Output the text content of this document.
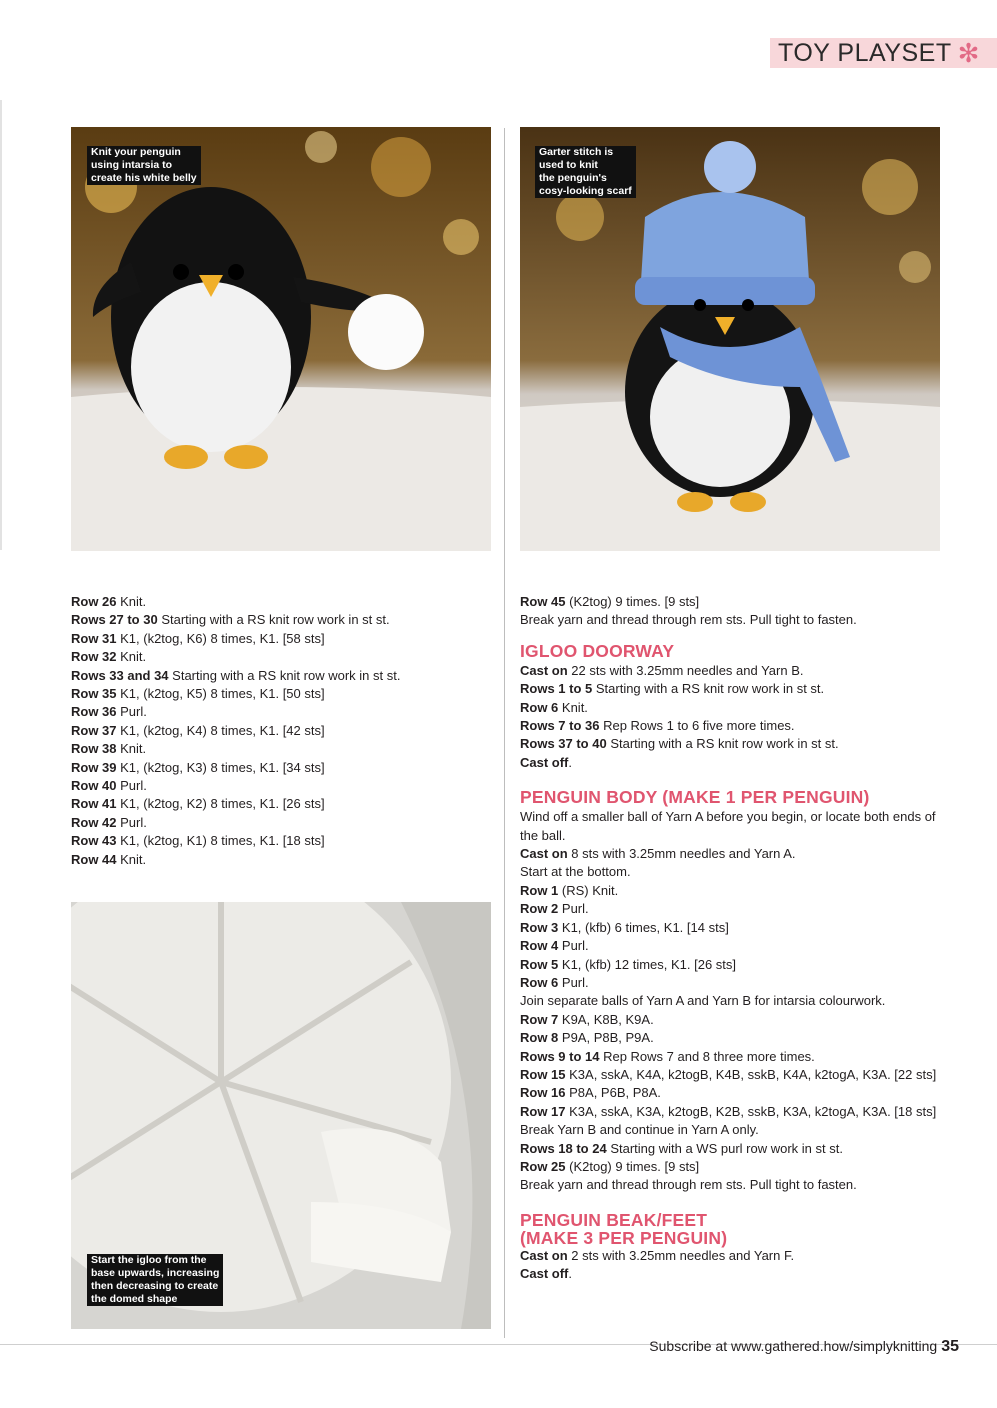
TOY PLAYSET ✻
Knit your penguin
using intarsia to
create his white belly
Garter stitch is
used to knit
the penguin's
cosy-looking scarf
Start the igloo from the
base upwards, increasing
then decreasing to create
the domed shape

Row 26 Knit.

Rows 27 to 30 Starting with a RS knit row work in st st.

Row 31 K1, (k2tog, K6) 8 times, K1. [58 sts]

Row 32 Knit.

Rows 33 and 34 Starting with a RS knit row work in st st.

Row 35 K1, (k2tog, K5) 8 times, K1. [50 sts]

Row 36 Purl.

Row 37 K1, (k2tog, K4) 8 times, K1. [42 sts]

Row 38 Knit.

Row 39 K1, (k2tog, K3) 8 times, K1. [34 sts]

Row 40 Purl.

Row 41 K1, (k2tog, K2) 8 times, K1. [26 sts]

Row 42 Purl.

Row 43 K1, (k2tog, K1) 8 times, K1. [18 sts]

Row 44 Knit.

Row 45 (K2tog) 9 times. [9 sts]

Break yarn and thread through rem sts. Pull tight to fasten.

IGLOO DOORWAY

Cast on 22 sts with 3.25mm needles and Yarn B.

Rows 1 to 5 Starting with a RS knit row work in st st.

Row 6 Knit.

Rows 7 to 36 Rep Rows 1 to 6 five more times.

Rows 37 to 40 Starting with a RS knit row work in st st.

Cast off.

PENGUIN BODY (MAKE 1 PER PENGUIN)

Wind off a smaller ball of Yarn A before you begin, or locate both ends of the ball.

Cast on 8 sts with 3.25mm needles and Yarn A.

Start at the bottom.

Row 1 (RS) Knit.

Row 2 Purl.

Row 3 K1, (kfb) 6 times, K1. [14 sts]

Row 4 Purl.

Row 5 K1, (kfb) 12 times, K1. [26 sts]

Row 6 Purl.

Join separate balls of Yarn A and Yarn B for intarsia colourwork.

Row 7 K9A, K8B, K9A.

Row 8 P9A, P8B, P9A.

Rows 9 to 14 Rep Rows 7 and 8 three more times.

Row 15 K3A, sskA, K4A, k2togB, K4B, sskB, K4A, k2togA, K3A. [22 sts]

Row 16 P8A, P6B, P8A.

Row 17 K3A, sskA, K3A, k2togB, K2B, sskB, K3A, k2togA, K3A. [18 sts]

Break Yarn B and continue in Yarn A only.

Rows 18 to 24 Starting with a WS purl row work in st st.

Row 25 (K2tog) 9 times. [9 sts]

Break yarn and thread through rem sts. Pull tight to fasten.

PENGUIN BEAK/FEET
(MAKE 3 PER PENGUIN)

Cast on 2 sts with 3.25mm needles and Yarn F.

Cast off.

Subscribe at www.gathered.how/simplyknitting 35
